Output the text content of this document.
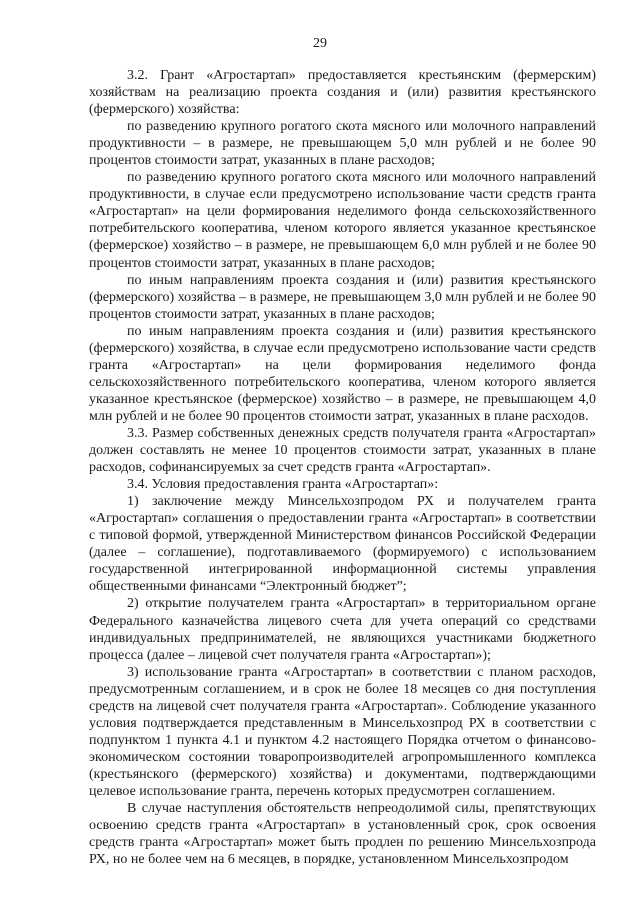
29

3.2. Грант «Агростартап» предоставляется крестьянским (фермерским) хозяйствам на реализацию проекта создания и (или) развития крестьянского (фермерского) хозяйства:

по разведению крупного рогатого скота мясного или молочного направлений продуктивности – в размере, не превышающем 5,0 млн рублей и не более 90 процентов стоимости затрат, указанных в плане расходов;

по разведению крупного рогатого скота мясного или молочного направлений продуктивности, в случае если предусмотрено использование части средств гранта «Агростартап» на цели формирования неделимого фонда сельскохозяйственного потребительского кооператива, членом которого является указанное крестьянское (фермерское) хозяйство – в размере, не превышающем 6,0 млн рублей и не более 90 процентов стоимости затрат, указанных в плане расходов;

по иным направлениям проекта создания и (или) развития крестьянского (фермерского) хозяйства – в размере, не превышающем 3,0 млн рублей и не более 90 процентов стоимости затрат, указанных в плане расходов;

по иным направлениям проекта создания и (или) развития крестьянского (фермерского) хозяйства, в случае если предусмотрено использование части средств гранта «Агростартап» на цели формирования неделимого фонда сельскохозяйственного потребительского кооператива, членом которого является указанное крестьянское (фермерское) хозяйство – в размере, не превышающем 4,0 млн рублей и не более 90 процентов стоимости затрат, указанных в плане расходов.

3.3. Размер собственных денежных средств получателя гранта «Агростартап» должен составлять не менее 10 процентов стоимости затрат, указанных в плане расходов, софинансируемых за счет средств гранта «Агростартап».

3.4. Условия предоставления гранта «Агростартап»:

1) заключение между Минсельхозпродом РХ и получателем гранта «Агростартап» соглашения о предоставлении гранта «Агростартап» в соответствии с типовой формой, утвержденной Министерством финансов Российской Федерации (далее – соглашение), подготавливаемого (формируемого) с использованием государственной интегрированной информационной системы управления общественными финансами “Электронный бюджет”;

2) открытие получателем гранта «Агростартап» в территориальном органе Федерального казначейства лицевого счета для учета операций со средствами индивидуальных предпринимателей, не являющихся участниками бюджетного процесса (далее – лицевой счет получателя гранта «Агростартап»);

3) использование гранта «Агростартап» в соответствии с планом расходов, предусмотренным соглашением, и в срок не более 18 месяцев со дня поступления средств на лицевой счет получателя гранта «Агростартап». Соблюдение указанного условия подтверждается представленным в Минсельхозпрод РХ в соответствии с подпунктом 1 пункта 4.1 и пунктом 4.2 настоящего Порядка отчетом о финансово-экономическом состоянии товаропроизводителей агропромышленного комплекса (крестьянского (фермерского) хозяйства) и документами, подтверждающими целевое использование гранта, перечень которых предусмотрен соглашением.

В случае наступления обстоятельств непреодолимой силы, препятствующих освоению средств гранта «Агростартап» в установленный срок, срок освоения средств гранта «Агростартап» может быть продлен по решению Минсельхозпрода РХ, но не более чем на 6 месяцев, в порядке, установленном Минсельхозпродом
